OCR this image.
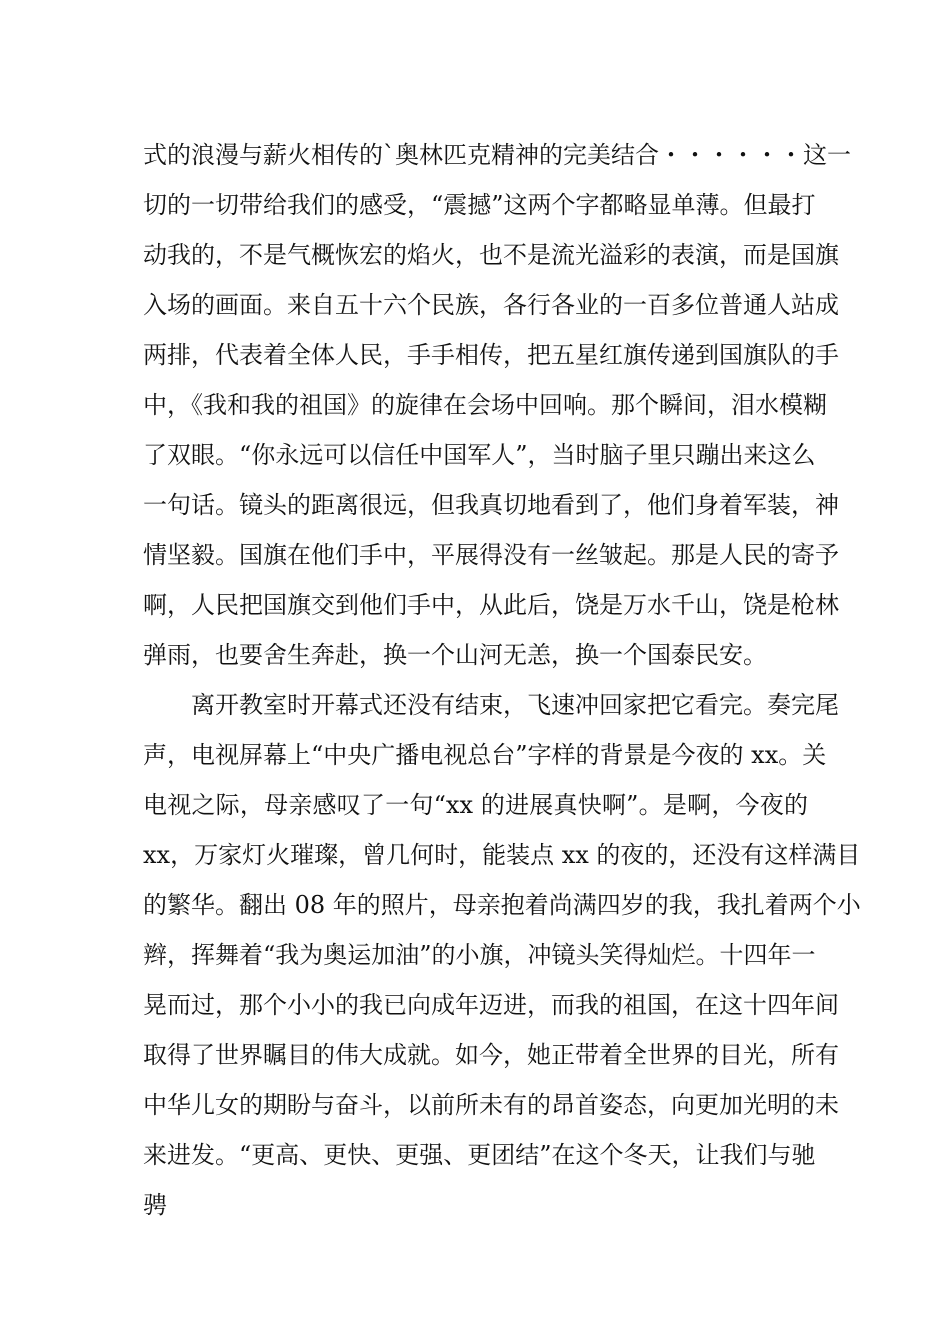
式的浪漫与薪火相传的`奥林匹克精神的完美结合・・・・・・这一
切的一切带给我们的感受，“震撼”这两个字都略显单薄。但最打
动我的，不是气概恢宏的焰火，也不是流光溢彩的表演，而是国旗
入场的画面。来自五十六个民族，各行各业的一百多位普通人站成
两排，代表着全体人民，手手相传，把五星红旗传递到国旗队的手
中，《我和我的祖国》的旋律在会场中回响。那个瞬间，泪水模糊
了双眼。“你永远可以信任中国军人”，当时脑子里只蹦出来这么
一句话。镜头的距离很远，但我真切地看到了，他们身着军装，神
情坚毅。国旗在他们手中，平展得没有一丝皱起。那是人民的寄予
啊，人民把国旗交到他们手中，从此后，饶是万水千山，饶是枪林
弹雨，也要舍生奔赴，换一个山河无恙，换一个国泰民安。
离开教室时开幕式还没有结束，飞速冲回家把它看完。奏完尾
声，电视屏幕上“中央广播电视总台”字样的背景是今夜的 xx。关
电视之际，母亲感叹了一句“xx 的进展真快啊”。是啊，今夜的
xx，万家灯火璀璨，曾几何时，能装点 xx 的夜的，还没有这样满目
的繁华。翻出 08 年的照片，母亲抱着尚满四岁的我，我扎着两个小
辫，挥舞着“我为奥运加油”的小旗，冲镜头笑得灿烂。十四年一
晃而过，那个小小的我已向成年迈进，而我的祖国，在这十四年间
取得了世界瞩目的伟大成就。如今，她正带着全世界的目光，所有
中华儿女的期盼与奋斗，以前所未有的昂首姿态，向更加光明的未
来进发。“更高、更快、更强、更团结”在这个冬天，让我们与驰
骋
